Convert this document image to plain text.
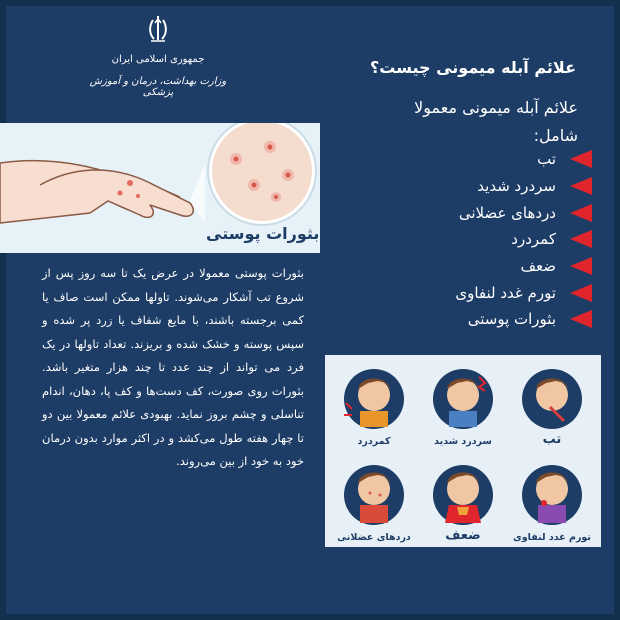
جمهوری اسلامی ایران
وزارت بهداشت، درمان و آموزش پزشکی
علائم آبله میمونی چیست؟
علائم آبله میمونی معمولا شامل:
تب
سردرد شدید
دردهای عضلانی
کمردرد
ضعف
تورم غدد لنفاوی
بثورات پوستی
بثورات پوستی
بثورات پوستی معمولا در عرض یک تا سه روز پس از شروع تب آشکار می‌شوند. تاولها ممکن است صاف یا کمی برجسته باشند، با مایع شفاف یا زرد پر شده و سپس پوسته و خشک شده و بریزند. تعداد تاولها در یک فرد می تواند از چند عدد تا چند هزار متغیر باشد. بثورات روی صورت، کف دست‌ها و کف پا، دهان، اندام تناسلی و چشم بروز نماید. بهبودی علائم معمولا بین دو تا چهار هفته طول می‌کشد و در اکثر موارد بدون درمان خود به خود از بین می‌روند.
تب
سردرد شدید
کمردرد
تورم غدد لنفاوی
ضعف
دردهای عضلانی
